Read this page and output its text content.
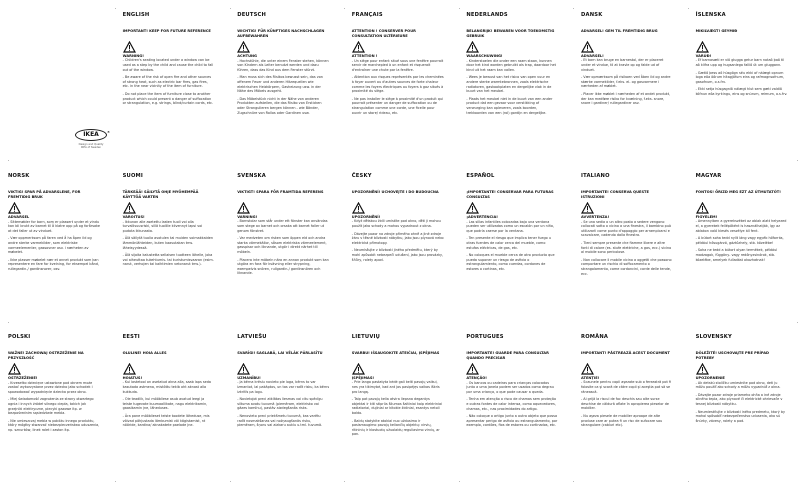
IKEA	®
Design and Quality
IKEA of Sweden
ENGLISH
IMPORTANT! KEEP FOR FUTURE REFERENCE
WARNING!
- Children's seating located under a window can be used as a step by the child and cause the child to fall out of the window.
- Be aware of the risk of open fire and other sources of strong heat, such as electric bar fires, gas fires, etc. in the near vicinity of the item of furniture.
- Do not place the item of furniture close to another product which could present a danger of suffocation or strangulation, e.g. strings, blind/curtain cords, etc.
DEUTSCH
WICHTIG! FÜR KÜNFTIGES NACHSCHLAGEN AUFBEWAHREN
ACHTUNG
- Hochstühle, die unter einem Fenster stehen, können von Kindern als Leiter benutzt werden und dazu führen, dass das Kind aus dem Fenster stürzt.
- Man muss sich des Risikos bewusst sein, das von offenem Feuer und anderen Hitzequellen wie elektrischen Heizkörpern, Gasheizung usw. in der Nähe des Möbels ausgeht.
- Das Möbelstück nicht in der Nähe von anderen Produkten aufstellen, die das Risiko von Ersticken oder Strangulieren bergen können - wie Bänder, Zugschnüre von Rollos oder Gardinen usw.
FRANÇAIS
ATTENTION ! CONSERVER POUR CONSULTATION ULTÉRIEURE
ATTENTION !
- Un siège pour enfant situé sous une fenêtre pourrait servir de marchepied à un enfant et risquerait d'entraîner une chute par la fenêtre.
- Attention aux risques représentés par les cheminées à foyer ouvert ou d'autres sources de forte chaleur comme les foyers électriques ou foyers à gaz situés à proximité du siège.
- Ne pas installer le siège à proximité d'un produit qui pourrait présenter un danger de suffocation ou de strangulation comme une corde, une ficelle pour ouvrir un store/ rideau, etc.
NEDERLANDS
BELANGRIJK! BEWAREN VOOR TOEKOMSTIG GEBRUIK
WAARSCHUWING!
- Kinderstoelen die onder een raam staan, kunnen door het kind worden gebruikt als trap, daardoor het kind uit het raam kan vallen.
- Wees je bewust van het risico van open vuur en andere sterke warmtebronnen, zoals elektrische radiatoren, gaskookplaten en dergelijke vlak in de buurt van het meubel.
- Plaats het meubel niet in de buurt van een ander product dat een gevaar voor verstikking of verwurging kan opleveren, zoals koorden, trekkoorden van een (rol) gordijn en dergelijke.
DANSK
ADVARSEL! GEM TIL FREMTIDIG BRUG
ADVARSEL!
- Et barn kan bruge en barnestol, der er placeret under et vindue, til at kravle op og falde ud af vinduet.
- Vær opmærksom på risikoen ved åben ild og andre stærke varmekilder, f.eks. el- og gasvarmere i nærheden af møblet.
- Placer ikke møblet i nærheden af et andet produkt, der kan medføre risiko for kvælning, f.eks. snore, snore i gardiner/ rullegardiner osv.
ÍSLENSKA
MIKILVÆGT! GEYMIÐ
VARÚÐ!
- Ef barnasæti er við glugga getur barn notað það til að klifra upp og hugsanlega fallið út um gluggann.
- Gætið þess að húsgögn séu ekki of nálægt opnum loga eða öðrum hitagjöfum eins og rafmagnsofnum, gasofnum, o.s.frv.
- Ekki setja húsgagnið nálægt hlut sem gæti valdið köfnun eða kyrkingu, eins og snúrum, reimum, o.s.frv.
NORSK
VIKTIG! SPAR PÅ ADVARSLENE, FOR FREMTIDIG BRUK
ADVARSEL
- Sittemøbler for barn, som er plassert under et vindu kan bli brukt av barnet til å klatre opp på og forårsake at det faller ut av vinduet.
- Vær oppmerksom på faren ved å ha åpen ild og andre sterke varmekilder, som elektriske varmeelementer, gassovner osv. i nærheten av møbelet.
- Ikke plasser møbelet nær et annet produkt som kan representere en fare for kvelning, for eksempel bånd, rullegardin-/ gardinsnorer, osv.
SUOMI
TÄRKEÄÄ! SÄILYTÄ OHJE MYÖHEMPÄÄ KÄYTTÖÄ VARTEN
VAROITUS!
- Ikkunan alle asetettu lasten tuoli voi olla turvallisuusriski, sillä tuolille kiivennyt lapsi voi pudota ikkunasta.
- Älä säilytä tuolia avotulen tai muiden voimakkaiden lämmönlähteiden, kuten kaasutakan tms. läheisyydessä.
- Älä sijoita kalustetta sellaisen tuotteen lähelle, joka voi aiheuttaa tukehtumis- tai kuristumisvaaran (esim. narut, verhojen tai kaihtimien vetonarut tms.).
SVENSKA
VIKTIGT! SPARA FÖR FRAMTIDA REFERENS
VARNING!
- Barnstolar som står under ett fönster kan användas som stege av barnet och orsaka att barnet faller ut genom fönstret.
- Var medveten om risken som öppen eld och andra starka värmekällor, såsom elektriska värmeelement, gasspisar och liknande, utgör i direkt närhet till möbeln.
- Placera inte möbeln nära en annan produkt som kan utgöra en fara för kvävning eller strypning, exempelvis snören, rullgardin-/ gardinsnören och liknande.
ČESKY
UPOZORNĚNÍ! UCHOVEJTE I DO BUDOUCNA
UPOZORNĚNÍ!
- Když dětskou židli umístíte pod okno, děti ji mohou použít jako schody a mohou vypadnout z okna.
- Dávejte pozor na zdroje přímého ohně a jiné zdroje žáru v těsné blízkosti nábytku, jako jsou plynová nebo elektrická přímotopy.
- Neumísťujte v blízkosti jiného předmětu, který by mohl způsobit nebezpečí udušení, jako jsou provázky, šňůry, rolety apod.
ESPAÑOL
¡IMPORTANTE! CONSERVAR PARA FUTURAS CONSULTAS
¡ADVERTENCIA!
- Las sillas infantiles colocadas bajo una ventana pueden ser utilizadas como un escalón por un niño, que podría caerse por la ventana.
- Ten presente el riesgo que implica tener fuego u otras fuentes de calor cerca del mueble, como estufas eléctricas, de gas, etc.
- No coloques el mueble cerca de otro producto que pueda suponer un riesgo de asfixia o estrangulamiento, como cuerdas, cordones de estores o cortinas, etc.
ITALIANO
IMPORTANTE! CONSERVA QUESTE ISTRUZIONI
AVVERTENZA!
- Se una sedia o un altro posto a sedere vengono collocati sotto o vicino a una finestra, il bambino può utilizzarli come punto d'appoggio per arrampicarsi e scavalcare, cadendo dalla finestra.
- Tieni sempre presente che fiamme libere e altre fonti di calore (es. stufe elettriche, a gas, ecc.) vicino al mobile sono pericolose.
- Non collocare il mobile vicino a oggetti che possono comportare un rischio di soffocamento o strangolamento, come cordoncini, corde delle tende, ecc.
MAGYAR
FONTOS! ŐRIZD MEG EZT AZ ÚTMUTATÓT!
FIGYELEM!
- Amennyiben a gyerekszéket az ablak alatt helyezed el, a gyerekek fellépőként is használhatják, így az ablakon való kiesés veszélye áll fent.
- A bútort soha tedd nyílt láng vagy egyéb hőforrás, például hősugárzó, gáztűzhely, stb. közelébe!
- Soha ne tedd a bútort olyan termékek, például madzagok, függöny- vagy redőnyzsinórok, stb. közelébe, amelyek fulladást okozhatnak!
POLSKI
WAŻNE! ZACHOWAJ OSTRZEŻENIE NA PRZYSZŁOŚĆ
OSTRZEŻENIE!
- Krzesełko dziecięce ustawione pod oknem może zostać wykorzystane przez dziecko jako schodek i spowodować wypadnięcie dziecka przez okno.
- Miej świadomość zagrożenia ze strony otwartego ognia i innych źródeł silnego ciepła, takich jak grzejniki elektryczne, piecyki gazowe itp. w bezpośrednim sąsiedztwie mebla.
- Nie umieszczaj mebla w pobliżu innego produktu, który mógłby stwarzać niebezpieczeństwo uduszenia, np. sznurków, linek rolet i zasłon itp.
EESTI
OLULINE! HOIA ALLES
HOIATUS!
- Kui lastetool on asetatud akna alla, saab laps seda kasutada astmena, mistõttu tekib oht aknast alla kukkuda.
- Ole teadlik, kui mööbliese asub avatud leegi ja teiste tugevate kuumaallikate, nagu elektrikamin, gaasikamin jne, läheduses.
- Ära pane mööblieset teiste toodete läheduse, mis võivad põhjustada lämbumist või kägistamist, nt nööride, kardina/ aknakatete paelade jne.
LATVIEŠU
SVARĪGI! SAGLABĀ, LAI VĒLĀK PĀRLASĪTU
UZMANĪBU!
- Ja bērna krēslu novieto pie loga, bērns to var izmantot, lai pakāptos, un tas var radīt risku, ka bērns izkritīs pa logu.
- Novietojot preci atklātas liesmas vai citu spēcīgu siltuma avotu tuvumā (piemēram, elektrisko vai gāzes kamīnu), pastāv aizdegšanās risks.
- Nenovieto preci priekšmetu tuvumā, kas varētu radīt nosmakšanas vai nožņaugšanās risku, piemēram, šņoru vai aizkaru auklu u.tml. tuvumā.
LIETUVIŲ
SVARBU! IŠSAUGOKITE ATEIČIAI, ĮSPĖJIMAS
ĮSPĖJIMAS!
- Prie lango pastatyta kėdė gali kelti pavojų vaikui, nes yra tikimybė, kad ant jos pasipėjęs vaikas iškris pro langą.
- Taip pat pavojų kelia atvira liepsna degantys objektai ir kiti stiprūs šilumos šaltiniai kaip elektriniai radiatoriai, dujiniai ar kitokie židiniai, esantys netoli baldo.
- Baldų statykite atokiai nuo uždusimo ir pasismaugimo pavojų keliančių objektų: virvių, ritininių ir klostuotų užuolaidų reguliavimo virvių, ar pan.
PORTUGUES
IMPORTANTE! GUARDE PARA CONSULTAR QUANDO PRECISAR
ATENÇÃO!
- Os bancos ou cadeiras para crianças colocados junto a uma janela podem ser usados como degrau por uma criança, o que pode causar a queda.
- Tenha em atenção o risco de chamas sem proteção e outras fontes de calor intensa, como aquecedores, chamas, etc., nas proximidades do artigo.
- Não coloque o artigo junto a outro objeto que possa apresentar perigo de asfixia ou estrangulamento, por exemplo, cordões, fios de estores ou cortinados, etc.
ROMÂNA
IMPORTANT! PĂSTREAZĂ ACEST DOCUMENT
ATENŢIE!
- Scaunele pentru copii aşezate sub o fereastră pot fi folosite ca şi scară de către copii şi aceştia pot să se rănească.
- Ai grijă la riscul de foc deschis sau alte surse deschise de căldură aflate în apropierea pieselor de mobilier.
- Nu aşeza piesele de mobilier aproape de alte produse care ar putea fi un risc de sufocare sau strangulare (cabluri etc).
SLOVENSKY
DÔLEŽITÉ! USCHOVAJTE PRE PRÍPAD POTREBY
UPOZORNENIE
- Ak detskú stoličku umiestnite pod okno, deti ju môžu použiť ako schody a môžu vypadnúť z okna.
- Dávajte pozor zdroje priameho ohňa a iné zdroje silného tepla, ako plynové či elektrické ohrievače v tesnej blízkosti nábytku.
- Neumiestňujte v blízkosti iného predmetu, ktorý by mohol spôsobiť nebezpečenstvo udusenia, ako sú šnúrky, závesy, rolety a pod.
